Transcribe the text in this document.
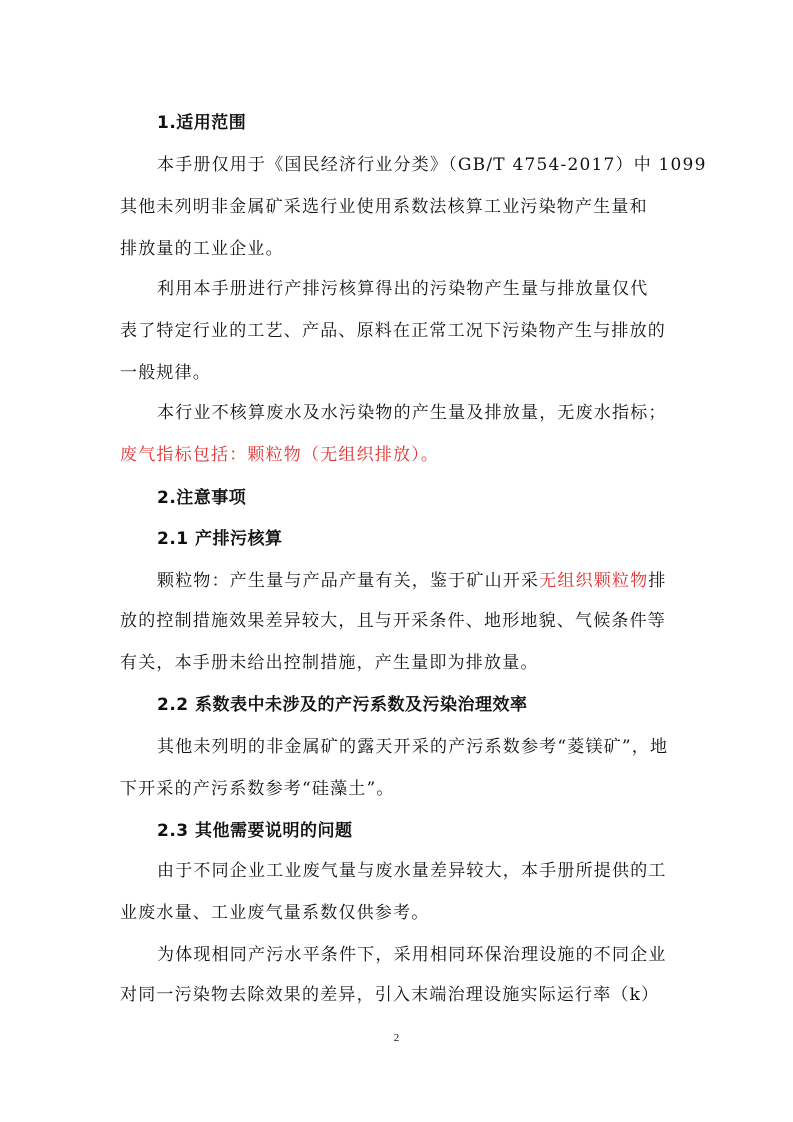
1.适用范围
本手册仅用于《国民经济行业分类》（GB/T 4754-2017）中 1099
其他未列明非金属矿采选行业使用系数法核算工业污染物产生量和
排放量的工业企业。
利用本手册进行产排污核算得出的污染物产生量与排放量仅代
表了特定行业的工艺、产品、原料在正常工况下污染物产生与排放的
一般规律。
本行业不核算废水及水污染物的产生量及排放量，无废水指标；
废气指标包括：颗粒物（无组织排放）。
2.注意事项
2.1 产排污核算
颗粒物：产生量与产品产量有关，鉴于矿山开采无组织颗粒物排
放的控制措施效果差异较大，且与开采条件、地形地貌、气候条件等
有关，本手册未给出控制措施，产生量即为排放量。
2.2 系数表中未涉及的产污系数及污染治理效率
其他未列明的非金属矿的露天开采的产污系数参考“菱镁矿”，地
下开采的产污系数参考“硅藻土”。
2.3 其他需要说明的问题
由于不同企业工业废气量与废水量差异较大，本手册所提供的工
业废水量、工业废气量系数仅供参考。
为体现相同产污水平条件下，采用相同环保治理设施的不同企业
对同一污染物去除效果的差异，引入末端治理设施实际运行率（k）
2
